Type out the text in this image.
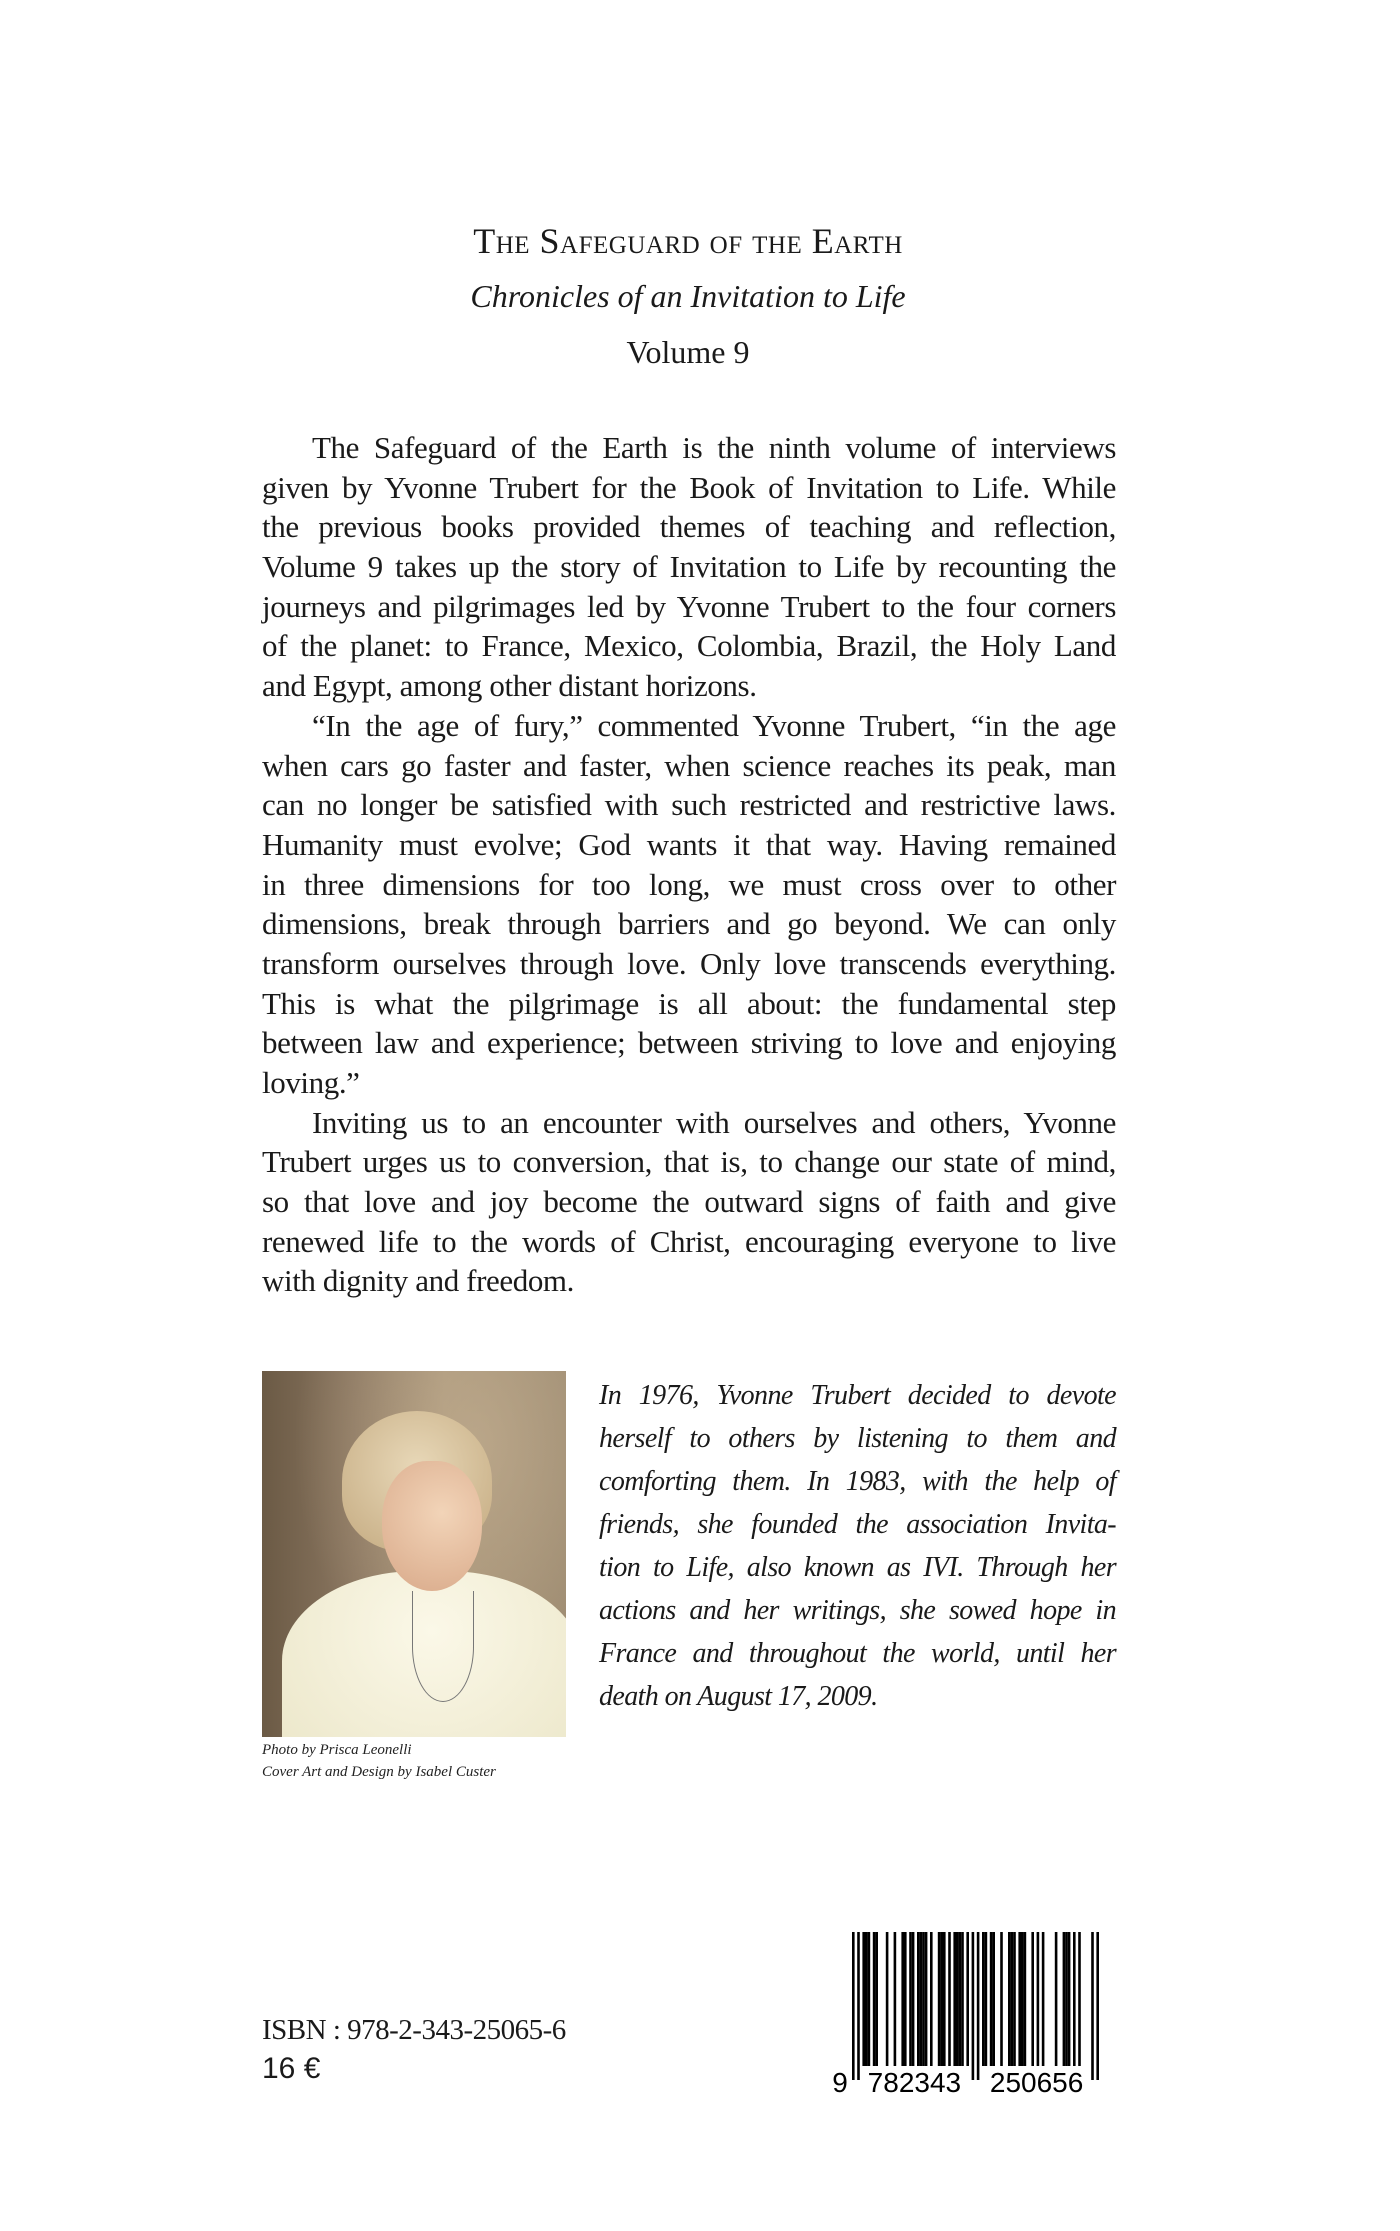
The Safeguard of the Earth
Chronicles of an Invitation to Life
Volume 9
The Safeguard of the Earth is the ninth volume of interviews
given by Yvonne Trubert for the Book of Invitation to Life. While
the previous books provided themes of teaching and reflection,
Volume 9 takes up the story of Invitation to Life by recounting the
journeys and pilgrimages led by Yvonne Trubert to the four corners
of the planet: to France, Mexico, Colombia, Brazil, the Holy Land
and Egypt, among other distant horizons.
“In the age of fury,” commented Yvonne Trubert, “in the age
when cars go faster and faster, when science reaches its peak, man
can no longer be satisfied with such restricted and restrictive laws.
Humanity must evolve; God wants it that way. Having remained
in three dimensions for too long, we must cross over to other
dimensions, break through barriers and go beyond. We can only
transform ourselves through love. Only love transcends everything.
This is what the pilgrimage is all about: the fundamental step
between law and experience; between striving to love and enjoying
loving.”
Inviting us to an encounter with ourselves and others, Yvonne
Trubert urges us to conversion, that is, to change our state of mind,
so that love and joy become the outward signs of faith and give
renewed life to the words of Christ, encouraging everyone to live
with dignity and freedom.
Photo by Prisca Leonelli
Cover Art and Design by Isabel Custer
In 1976, Yvonne Trubert decided to devote
herself to others by listening to them and
comforting them. In 1983, with the help of
friends, she founded the association Invita-
tion to Life, also known as IVI. Through her
actions and her writings, she sowed hope in
France and throughout the world, until her
death on August 17, 2009.
ISBN : 978-2-343-25065-6
16 €	9 782343 250656
